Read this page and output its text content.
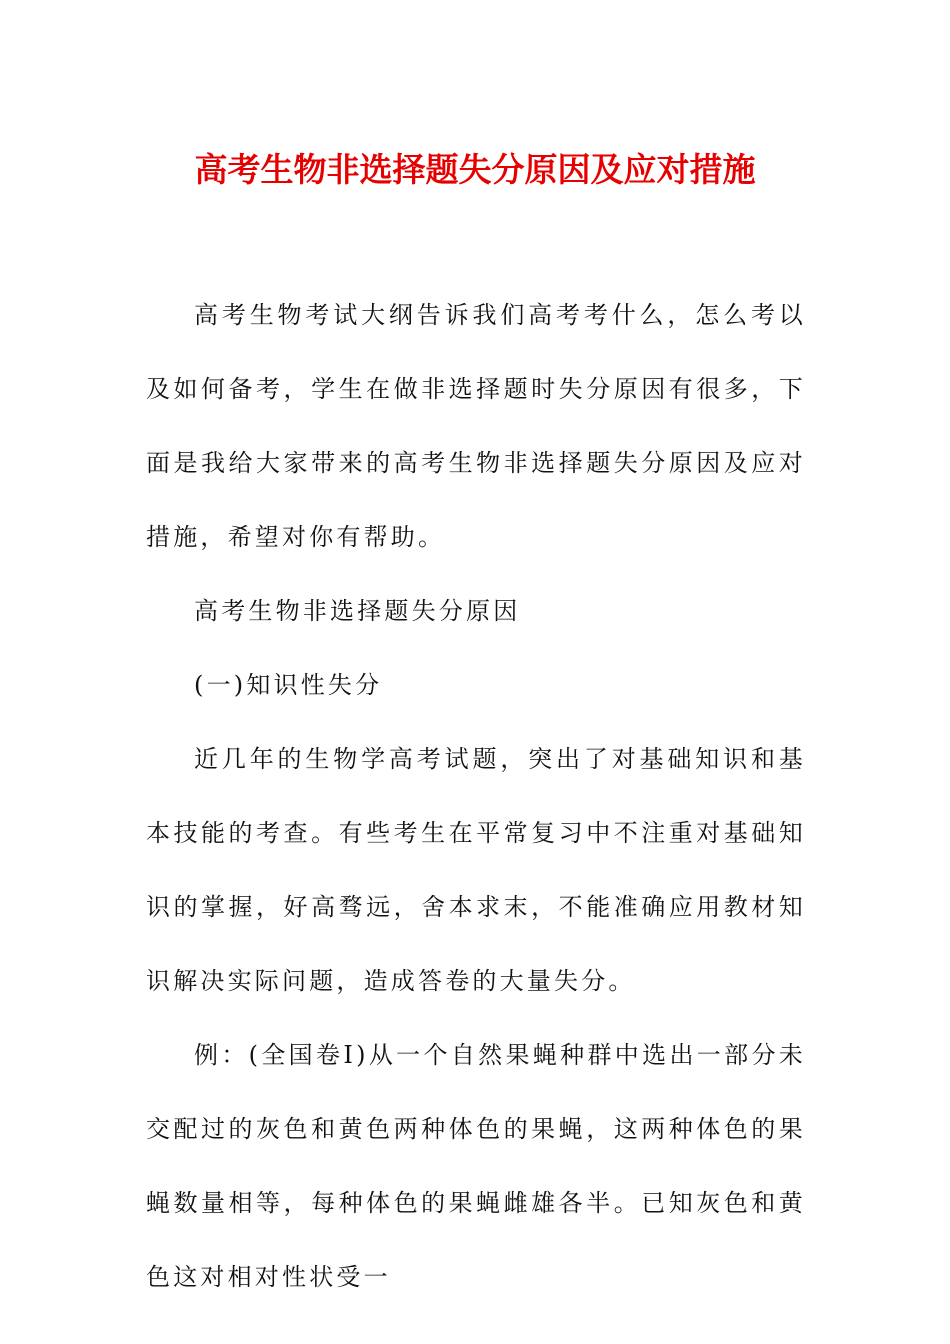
高考生物非选择题失分原因及应对措施

高考生物考试大纲告诉我们高考考什么，怎么考以及如何备考，学生在做非选择题时失分原因有很多，下面是我给大家带来的高考生物非选择题失分原因及应对措施，希望对你有帮助。

高考生物非选择题失分原因

(一)知识性失分

近几年的生物学高考试题，突出了对基础知识和基本技能的考查。有些考生在平常复习中不注重对基础知识的掌握，好高骛远，舍本求末，不能准确应用教材知识解决实际问题，造成答卷的大量失分。

例：(全国卷Ⅰ)从一个自然果蝇种群中选出一部分未交配过的灰色和黄色两种体色的果蝇，这两种体色的果蝇数量相等，每种体色的果蝇雌雄各半。已知灰色和黄色这对相对性状受一
